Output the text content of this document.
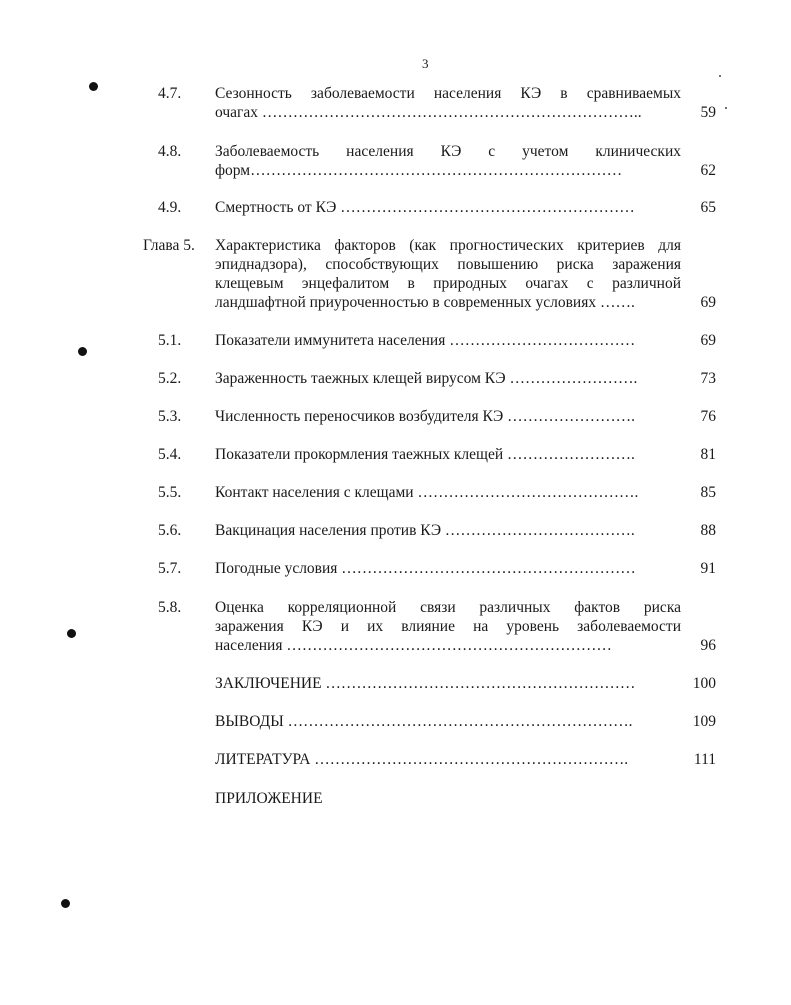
3
4.7. Сезонность заболеваемости населения КЭ в сравниваемых
очагах ………………………………………………………………..	59
4.8. Заболеваемость населения КЭ с учетом клинических
форм………………………………………………………………	62
4.9. Смертность от КЭ …………………………………………………	65
Глава 5. Характеристика факторов (как прогностических критериев для
эпиднадзора), способствующих повышению риска заражения
клещевым энцефалитом в природных очагах с различной
ландшафтной приуроченностью в современных условиях …….	69
5.1. Показатели иммунитета населения ………………………………	69
5.2. Зараженность таежных клещей вирусом КЭ …………………….	73
5.3. Численность переносчиков возбудителя КЭ …………………….	76
5.4. Показатели прокормления таежных клещей …………………….	81
5.5. Контакт населения с клещами …………………………………….	85
5.6. Вакцинация населения против КЭ ……………………………….	88
5.7. Погодные условия …………………………………………………	91
5.8. Оценка корреляционной связи различных фактов риска
заражения КЭ и их влияние на уровень заболеваемости
населения ………………………………………………………	96
ЗАКЛЮЧЕНИЕ ……………………………………………………	100
ВЫВОДЫ ………………………………………………………….	109
ЛИТЕРАТУРА …………………………………………………….	111
ПРИЛОЖЕНИЕ
